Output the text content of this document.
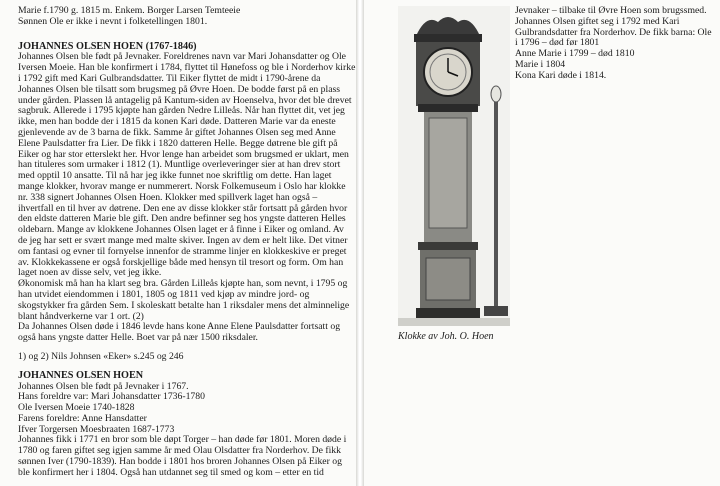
Marie f.1790 g. 1815 m. Enkem. Borger Larsen Temteeie

Sønnen Ole er ikke i nevnt i folketellingen 1801.

JOHANNES OLSEN HOEN (1767-1846)

Johannes Olsen ble født på Jevnaker. Foreldrenes navn var Mari Johansdatter og Ole

Iversen Moeie. Han ble konfirmert i 1784, flyttet til Hønefoss og ble i Norderhov kirke

i 1792 gift med Kari Gulbrandsdatter. Til Eiker flyttet de midt i 1790-årene da

Johannes Olsen ble tilsatt som brugsmeg på Øvre Hoen. De bodde først på en plass

under gården. Plassen lå antagelig på Kantum-siden av Hoenselva, hvor det ble drevet

sagbruk. Allerede i 1795 kjøpte han gården Nedre Lilleås. Når han flyttet dit, vet jeg

ikke, men han bodde der i 1815 da konen Kari døde. Datteren Marie var da eneste

gjenlevende av de 3 barna de fikk. Samme år giftet Johannes Olsen seg med Anne

Elene Paulsdatter fra Lier. De fikk i 1820 datteren Helle. Begge døtrene ble gift på

Eiker og har stor etterslekt her. Hvor lenge han arbeidet som brugsmed er uklart, men

han tituleres som urmaker i 1812 (1). Muntlige overleveringer sier at han drev stort

med opptil 10 ansatte. Til nå har jeg ikke funnet noe skriftlig om dette. Han laget

mange klokker, hvorav mange er nummerert. Norsk Folkemuseum i Oslo har klokke

nr. 338 signert Johannes Olsen Hoen. Klokker med spillverk laget han også –

ihvertfall en til hver av døtrene. Den ene av disse klokker står fortsatt på gården hvor

den eldste datteren Marie ble gift. Den andre befinner seg hos yngste datteren Helles

oldebarn. Mange av klokkene Johannes Olsen laget er å finne i Eiker og omland. Av

de jeg har sett er svært mange med malte skiver. Ingen av dem er helt like. Det vitner

om fantasi og evner til fornyelse innenfor de stramme linjer en klokkeskive er preget

av. Klokkekassene er også forskjellige både med hensyn til tresort og form. Om han

laget noen av disse selv, vet jeg ikke.

Økonomisk må han ha klart seg bra. Gården Lilleås kjøpte han, som nevnt, i 1795 og

han utvidet eiendommen i 1801, 1805 og 1811 ved kjøp av mindre jord- og

skogstykker fra gården Sem. I skoleskatt betalte han 1 riksdaler mens det alminnelige

blant håndverkerne var 1 ort. (2)

Da Johannes Olsen døde i 1846 levde hans kone Anne Elene Paulsdatter fortsatt og

også hans yngste datter Helle. Boet var på nær 1500 riksdaler.

1) og 2) Nils Johnsen «Eker» s.245 og 246

JOHANNES OLSEN HOEN

Johannes Olsen ble født på Jevnaker i 1767.

Hans foreldre var: Mari Johansdatter 1736-1780

Ole Iversen Moeie 1740-1828

Farens foreldre: Anne Hansdatter

Ifver Torgersen Moesbraaten 1687-1773

Johannes fikk i 1771 en bror som ble døpt Torger – han døde før 1801. Moren døde i

1780 og faren giftet seg igjen samme år med Olau Olsdatter fra Norderhov. De fikk

sønnen Iver (1790-1839). Han bodde i 1801 hos broren Johannes Olsen på Eiker og

ble konfirmert her i 1804. Også han utdannet seg til smed og kom – etter en tid

Klokke av Joh. O. Hoen

Jevnaker – tilbake til Øvre Hoen som brugssmed.

Johannes Olsen giftet seg i 1792 med Kari

Gulbrandsdatter fra Norderhov. De fikk barna: Ole

i 1796 – død før 1801

Anne Marie i 1799 – død 1810

Marie i 1804

Kona Kari døde i 1814.
